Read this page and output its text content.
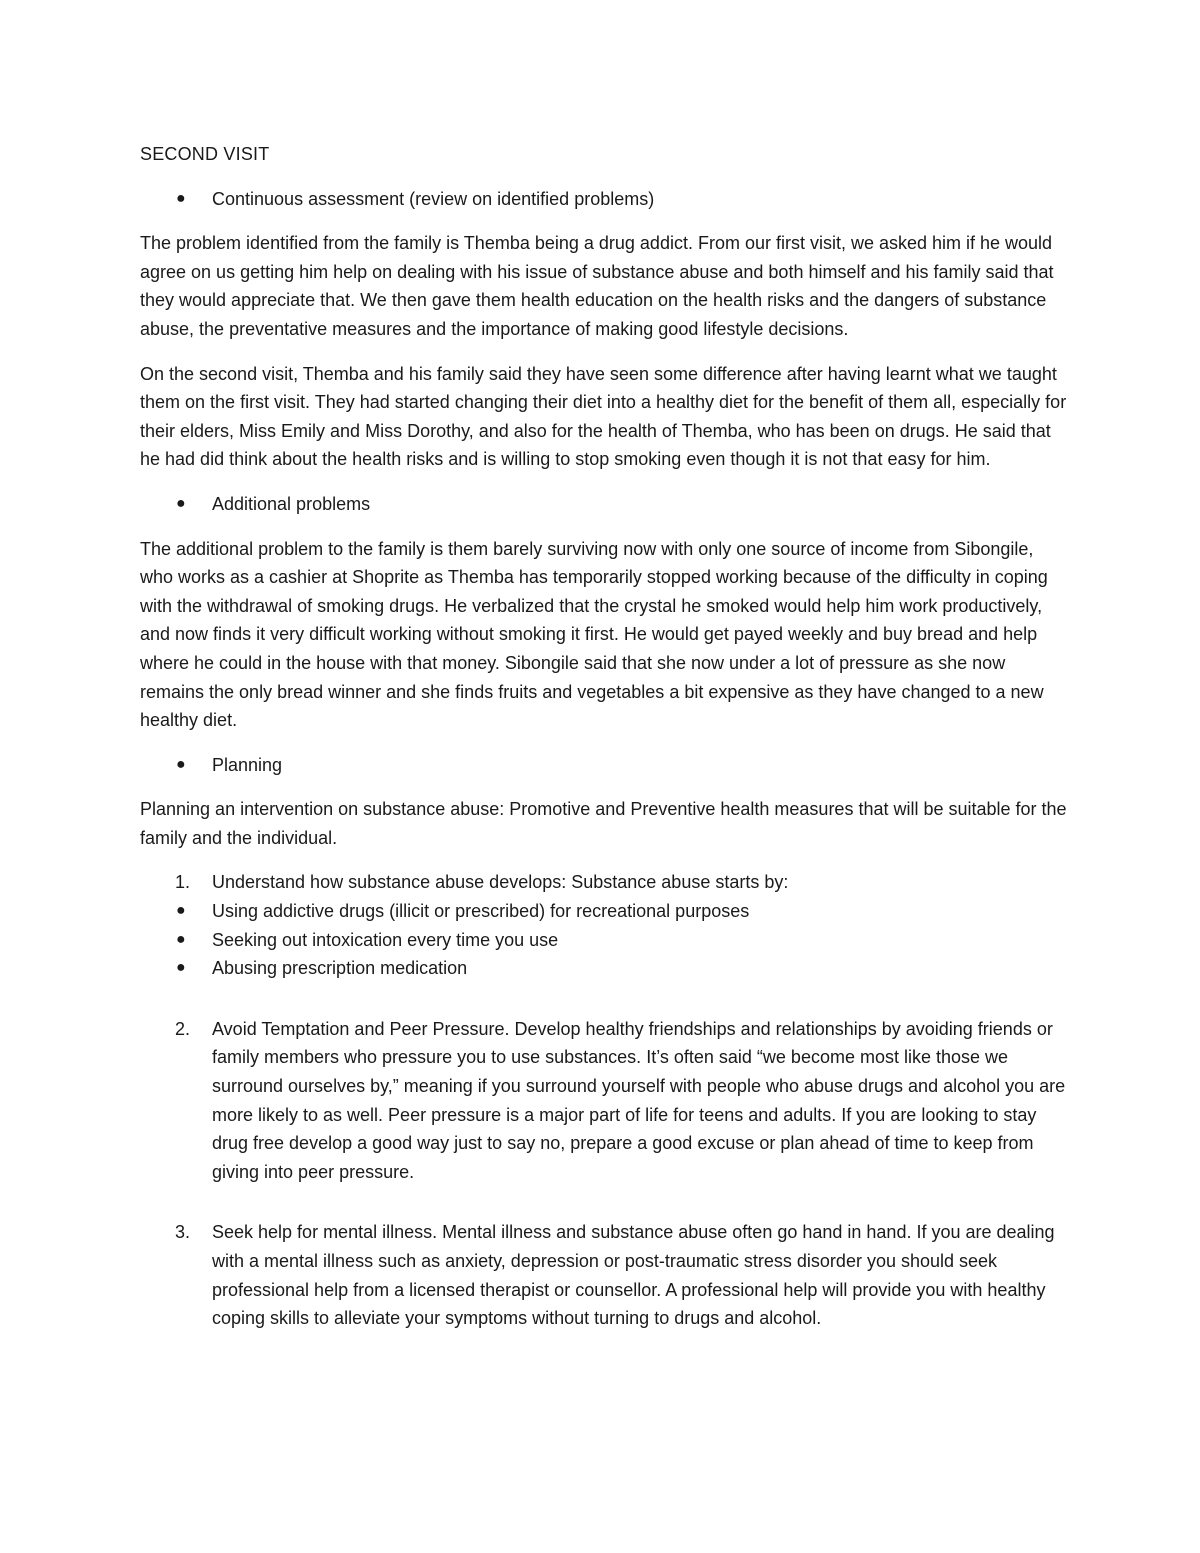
SECOND VISIT

● Continuous assessment (review on identified problems)

The problem identified from the family is Themba being a drug addict. From our first visit, we asked him if he would agree on us getting him help on dealing with his issue of substance abuse and both himself and his family said that they would appreciate that. We then gave them health education on the health risks and the dangers of substance abuse, the preventative measures and the importance of making good lifestyle decisions.

On the second visit, Themba and his family said they have seen some difference after having learnt what we taught them on the first visit. They had started changing their diet into a healthy diet for the benefit of them all, especially for their elders, Miss Emily and Miss Dorothy, and also for the health of Themba, who has been on drugs. He said that he had did think about the health risks and is willing to stop smoking even though it is not that easy for him.

● Additional problems

The additional problem to the family is them barely surviving now with only one source of income from Sibongile, who works as a cashier at Shoprite as Themba has temporarily stopped working because of the difficulty in coping with the withdrawal of smoking drugs. He verbalized that the crystal he smoked would help him work productively, and now finds it very difficult working without smoking it first. He would get payed weekly and buy bread and help where he could in the house with that money. Sibongile said that she now under a lot of pressure as she now remains the only bread winner and she finds fruits and vegetables a bit expensive as they have changed to a new healthy diet.

● Planning

Planning an intervention on substance abuse: Promotive and Preventive health measures that will be suitable for the family and the individual.

1. Understand how substance abuse develops: Substance abuse starts by:
● Using addictive drugs (illicit or prescribed) for recreational purposes
● Seeking out intoxication every time you use
● Abusing prescription medication
2. Avoid Temptation and Peer Pressure. Develop healthy friendships and relationships by avoiding friends or family members who pressure you to use substances. It’s often said “we become most like those we surround ourselves by,” meaning if you surround yourself with people who abuse drugs and alcohol you are more likely to as well. Peer pressure is a major part of life for teens and adults. If you are looking to stay drug free develop a good way just to say no, prepare a good excuse or plan ahead of time to keep from giving into peer pressure.
3. Seek help for mental illness. Mental illness and substance abuse often go hand in hand. If you are dealing with a mental illness such as anxiety, depression or post-traumatic stress disorder you should seek professional help from a licensed therapist or counsellor. A professional help will provide you with healthy coping skills to alleviate your symptoms without turning to drugs and alcohol.
